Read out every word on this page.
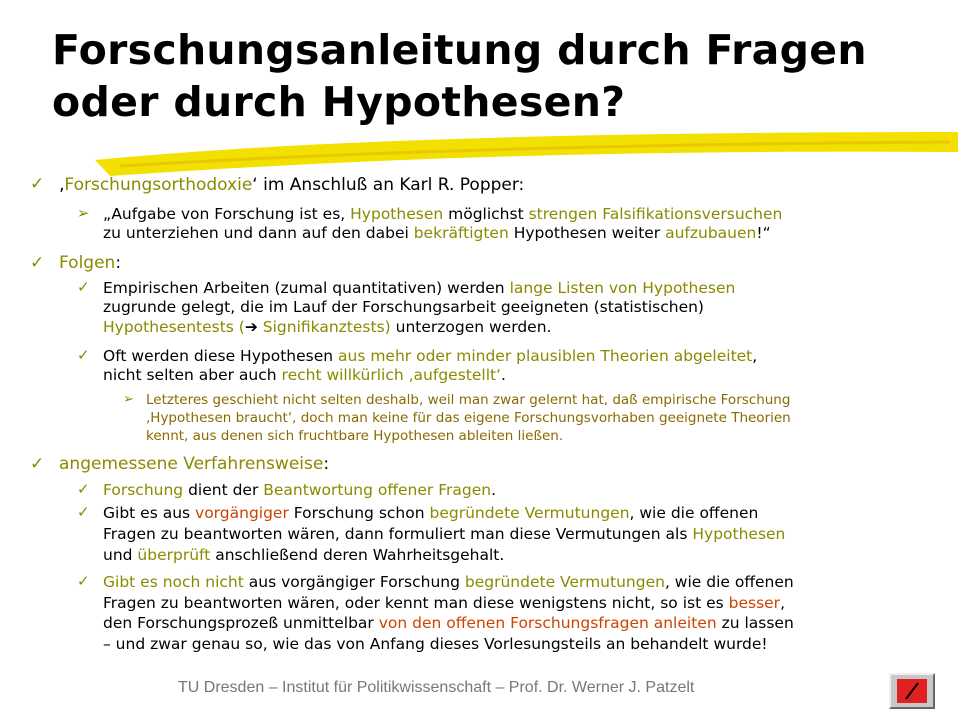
Forschungsanleitung durch Fragen oder durch Hypothesen?
✓ ‚Forschungsorthodoxie‘ im Anschluß an Karl R. Popper:
➢ „Aufgabe von Forschung ist es, Hypothesen möglichst strengen Falsifikationsversuchen
zu unterziehen und dann auf den dabei bekräftigten Hypothesen weiter aufzubauen!“
✓ Folgen:
✓ Empirischen Arbeiten (zumal quantitativen) werden lange Listen von Hypothesen
zugrunde gelegt, die im Lauf der Forschungsarbeit geeigneten (statistischen)
Hypothesentests (➔ Signifikanztests) unterzogen werden.
✓ Oft werden diese Hypothesen aus mehr oder minder plausiblen Theorien abgeleitet,
nicht selten aber auch recht willkürlich ‚aufgestellt‘.
➢ Letzteres geschieht nicht selten deshalb, weil man zwar gelernt hat, daß empirische Forschung
‚Hypothesen braucht‘, doch man keine für das eigene Forschungsvorhaben geeignete Theorien
kennt, aus denen sich fruchtbare Hypothesen ableiten ließen.
✓ angemessene Verfahrensweise:
✓ Forschung dient der Beantwortung offener Fragen.
✓ Gibt es aus vorgängiger Forschung schon begründete Vermutungen, wie die offenen
Fragen zu beantworten wären, dann formuliert man diese Vermutungen als Hypothesen
und überprüft anschließend deren Wahrheitsgehalt.
✓ Gibt es noch nicht aus vorgängiger Forschung begründete Vermutungen, wie die offenen
Fragen zu beantworten wären, oder kennt man diese wenigstens nicht, so ist es besser,
den Forschungsprozeß unmittelbar von den offenen Forschungsfragen anleiten zu lassen
– und zwar genau so, wie das von Anfang dieses Vorlesungsteils an behandelt wurde!
TU Dresden – Institut für Politikwissenschaft – Prof. Dr. Werner J. Patzelt
